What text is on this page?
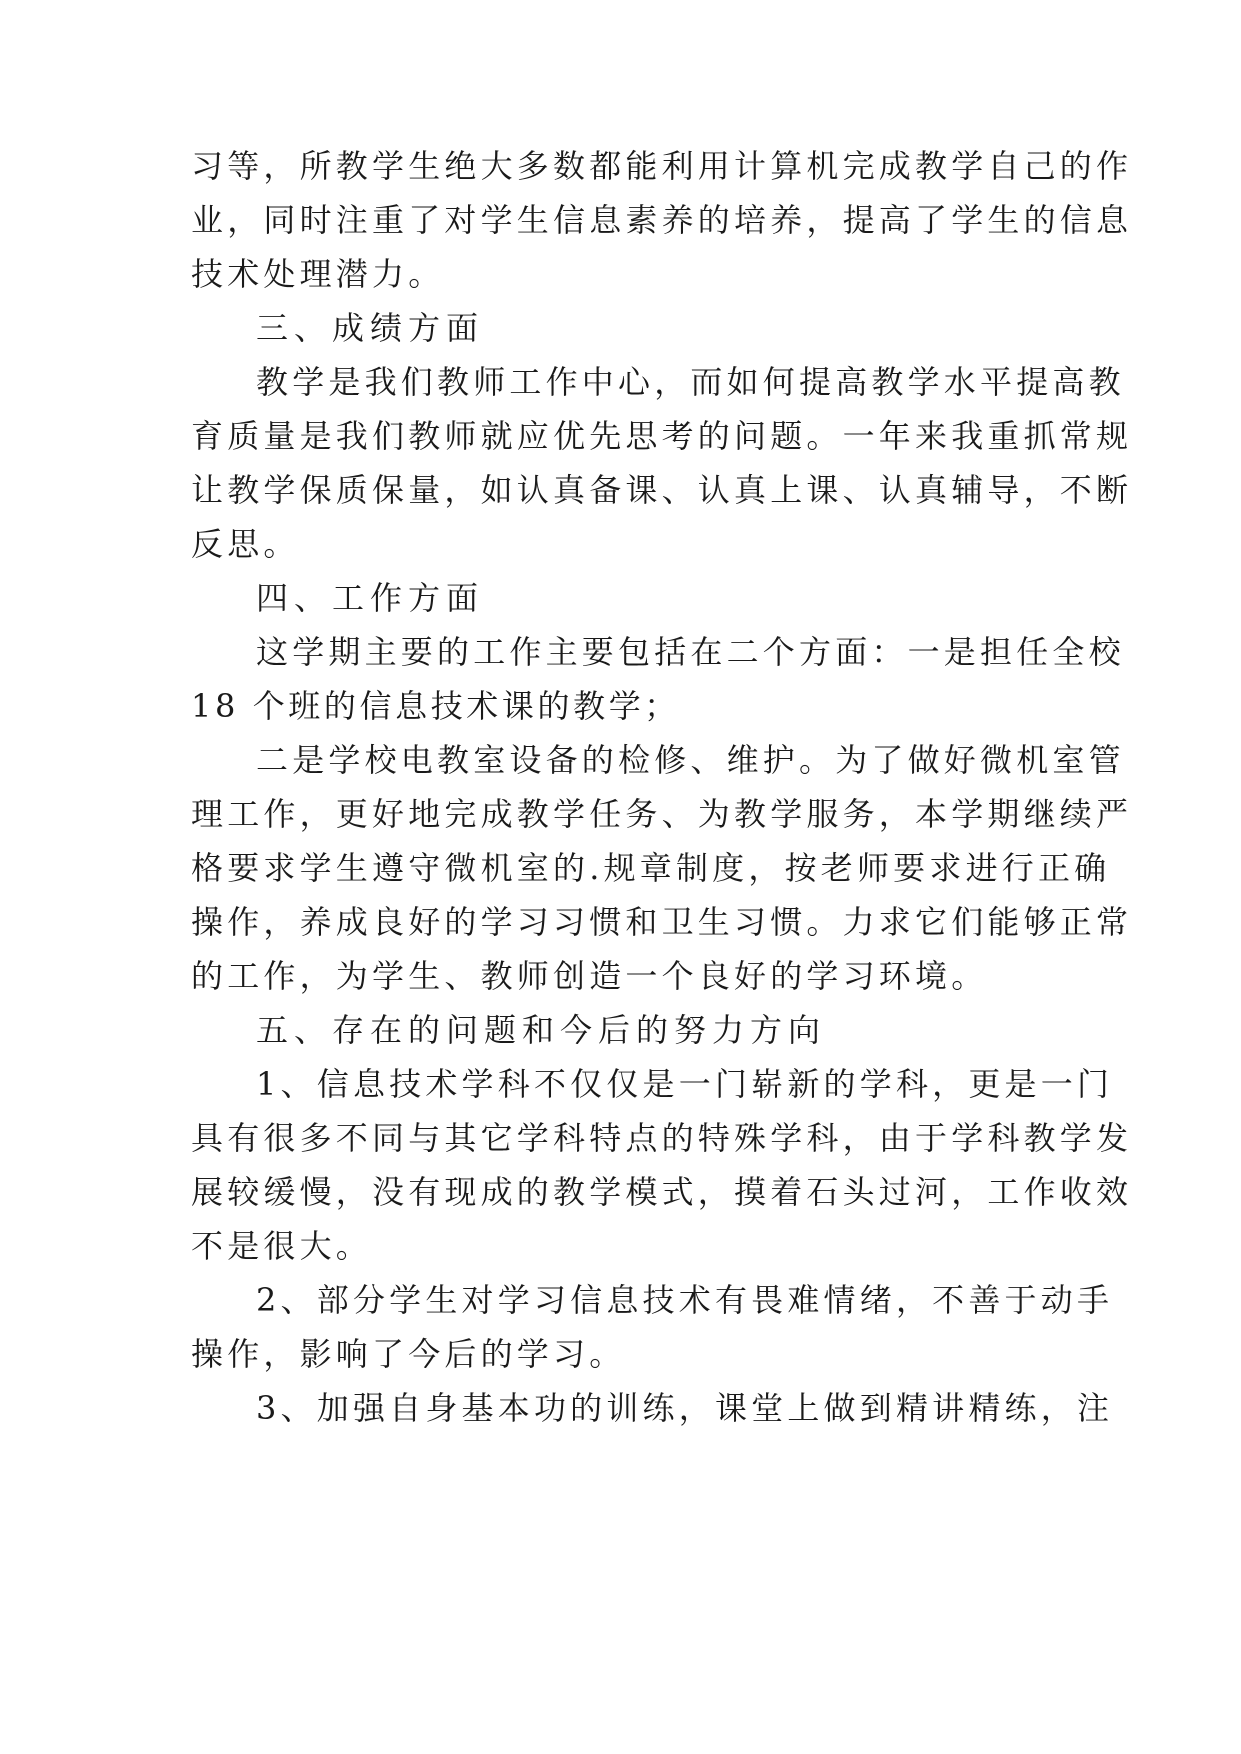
习等，所教学生绝大多数都能利用计算机完成教学自己的作
业，同时注重了对学生信息素养的培养，提高了学生的信息
技术处理潜力。
三、成绩方面
教学是我们教师工作中心，而如何提高教学水平提高教
育质量是我们教师就应优先思考的问题。一年来我重抓常规
让教学保质保量，如认真备课、认真上课、认真辅导，不断
反思。
四、工作方面
这学期主要的工作主要包括在二个方面：一是担任全校
18 个班的信息技术课的教学；
二是学校电教室设备的检修、维护。为了做好微机室管
理工作，更好地完成教学任务、为教学服务，本学期继续严
格要求学生遵守微机室的.规章制度，按老师要求进行正确
操作，养成良好的学习习惯和卫生习惯。力求它们能够正常
的工作，为学生、教师创造一个良好的学习环境。
五、存在的问题和今后的努力方向
1、信息技术学科不仅仅是一门崭新的学科，更是一门
具有很多不同与其它学科特点的特殊学科，由于学科教学发
展较缓慢，没有现成的教学模式，摸着石头过河，工作收效
不是很大。
2、部分学生对学习信息技术有畏难情绪，不善于动手
操作，影响了今后的学习。
3、加强自身基本功的训练，课堂上做到精讲精练，注
